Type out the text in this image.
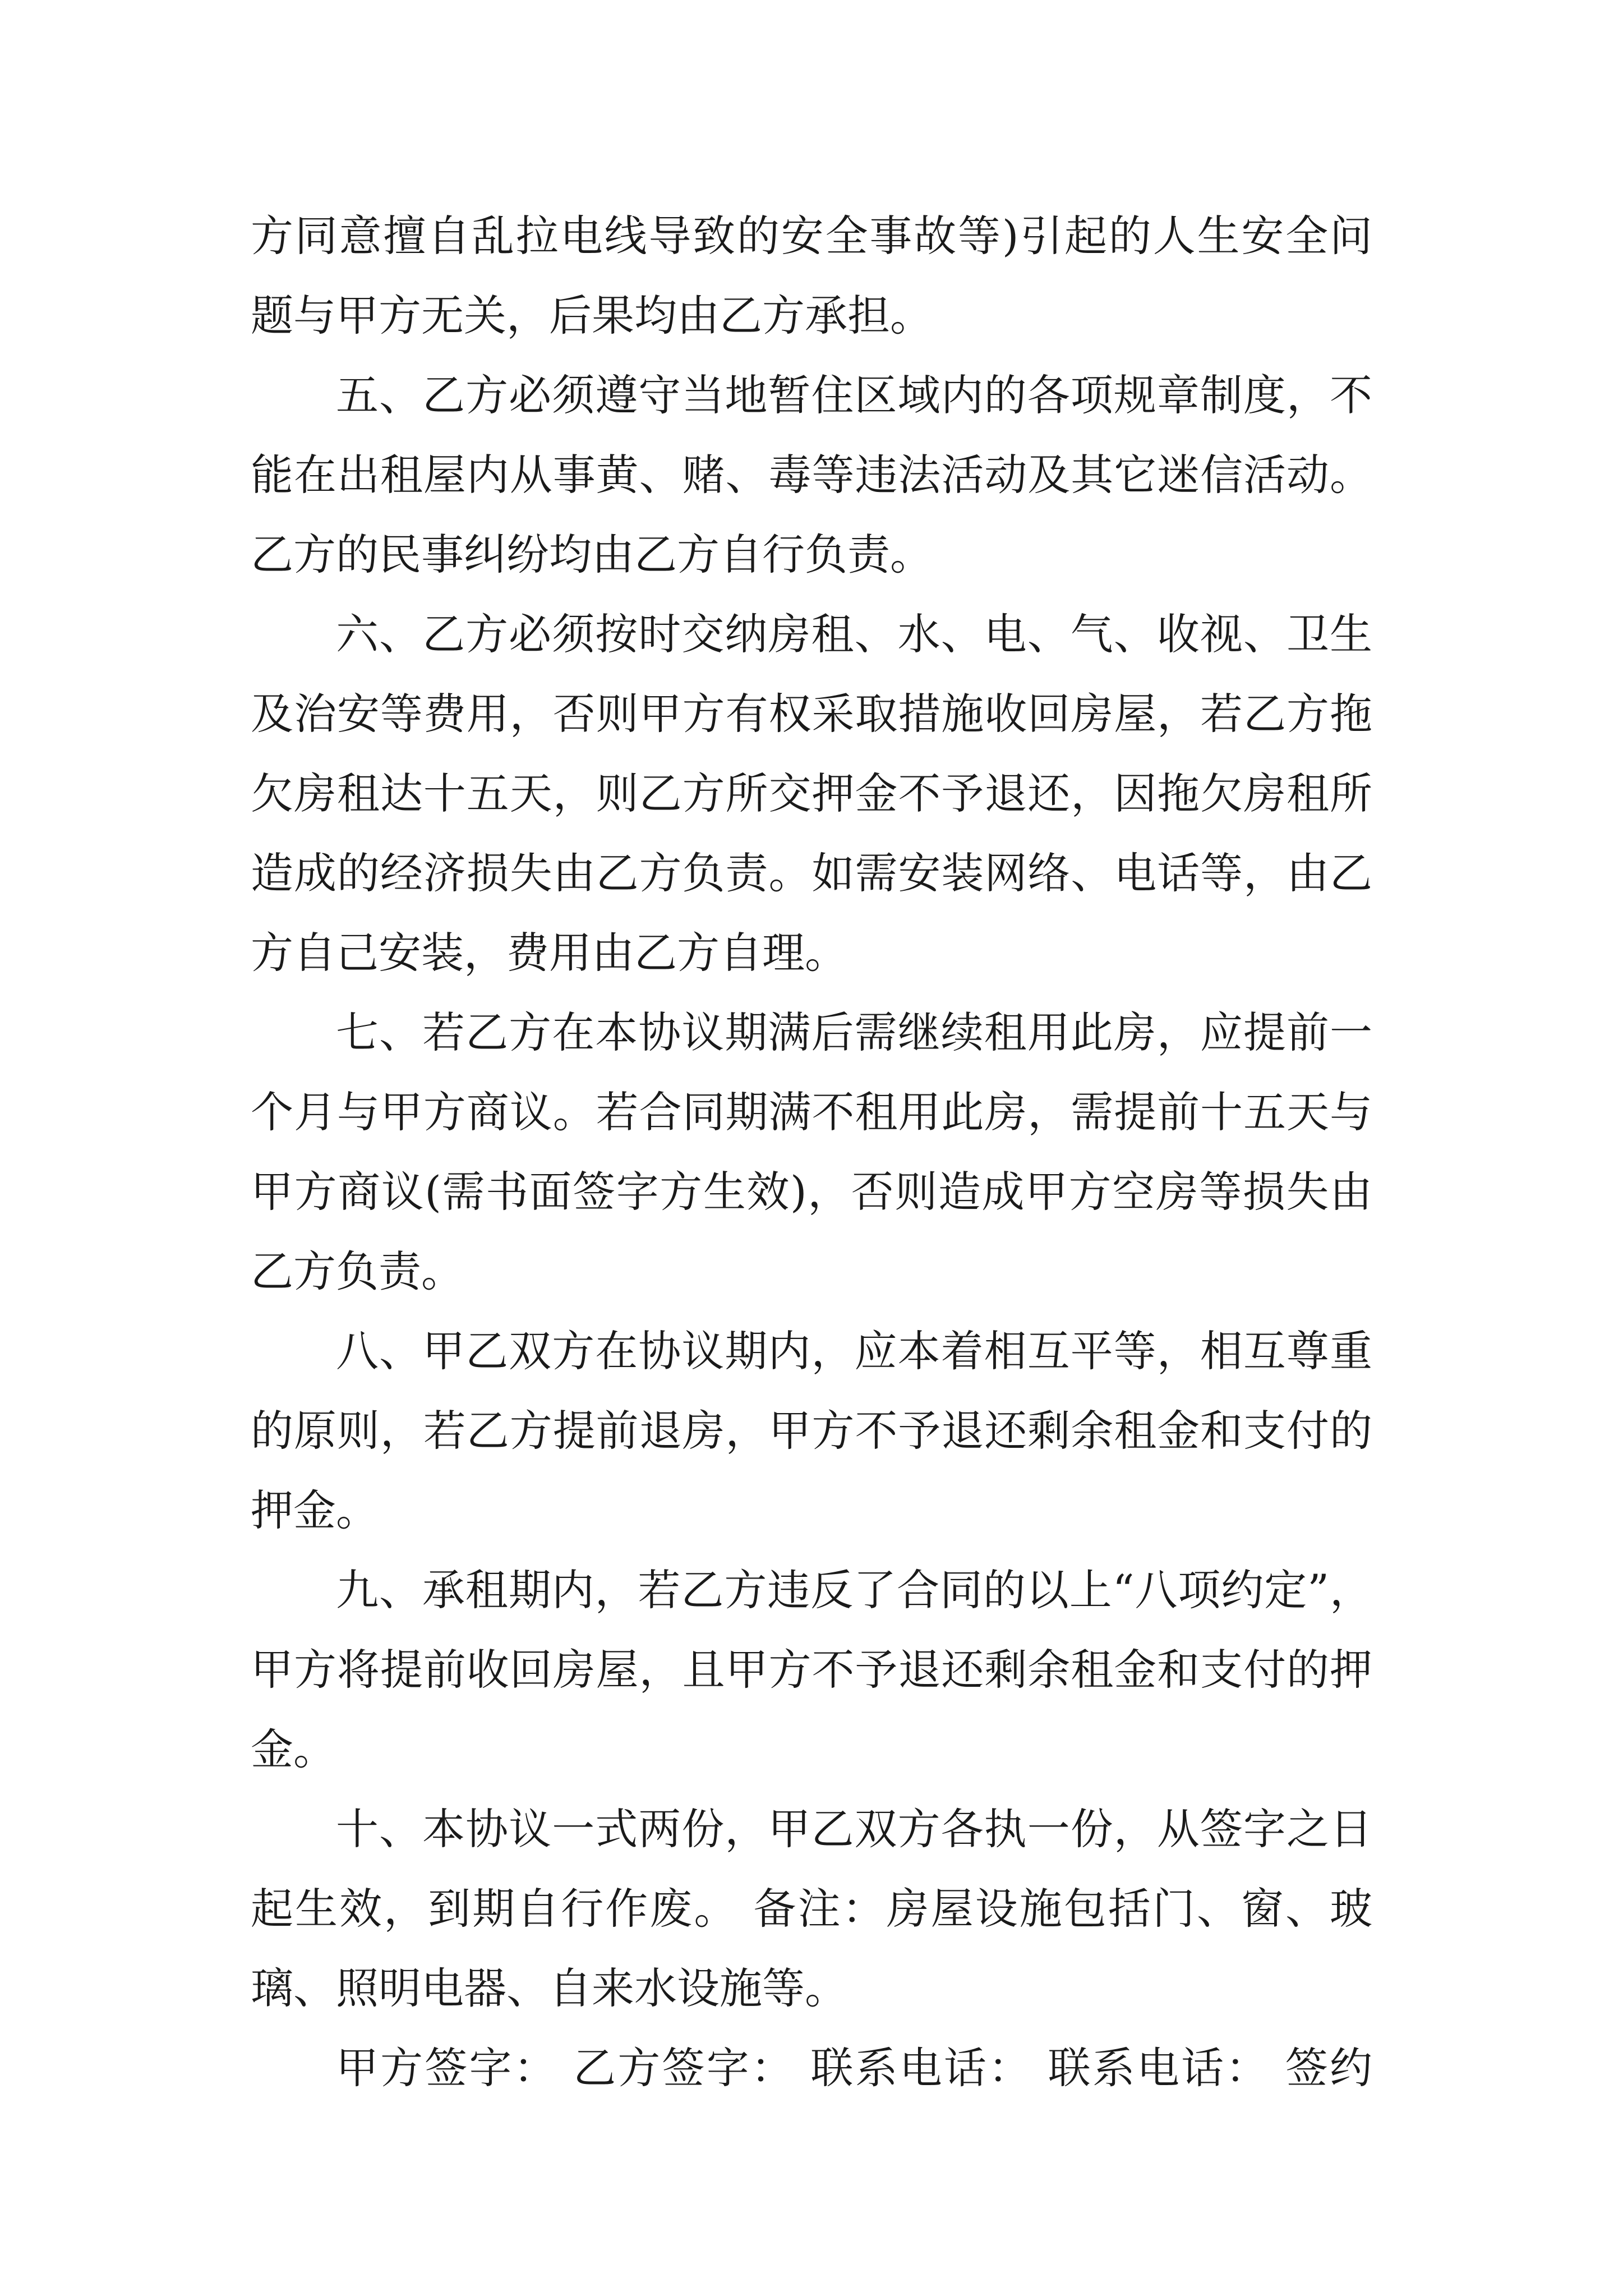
方同意擅自乱拉电线导致的安全事故等)引起的人生安全问
题与甲方无关，后果均由乙方承担。
五、乙方必须遵守当地暂住区域内的各项规章制度，不
能在出租屋内从事黄、赌、毒等违法活动及其它迷信活动。
乙方的民事纠纷均由乙方自行负责。
六、乙方必须按时交纳房租、水、电、气、收视、卫生
及治安等费用，否则甲方有权采取措施收回房屋，若乙方拖
欠房租达十五天，则乙方所交押金不予退还，因拖欠房租所
造成的经济损失由乙方负责。如需安装网络、电话等，由乙
方自己安装，费用由乙方自理。
七、若乙方在本协议期满后需继续租用此房，应提前一
个月与甲方商议。若合同期满不租用此房，需提前十五天与
甲方商议(需书面签字方生效)，否则造成甲方空房等损失由
乙方负责。
八、甲乙双方在协议期内，应本着相互平等，相互尊重
的原则，若乙方提前退房，甲方不予退还剩余租金和支付的
押金。
九、承租期内，若乙方违反了合同的以上“八项约定”，
甲方将提前收回房屋，且甲方不予退还剩余租金和支付的押
金。
十、本协议一式两份，甲乙双方各执一份，从签字之日
起生效，到期自行作废。 备注：房屋设施包括门、窗、玻
璃、照明电器、自来水设施等。
甲方签字： 乙方签字： 联系电话： 联系电话： 签约
